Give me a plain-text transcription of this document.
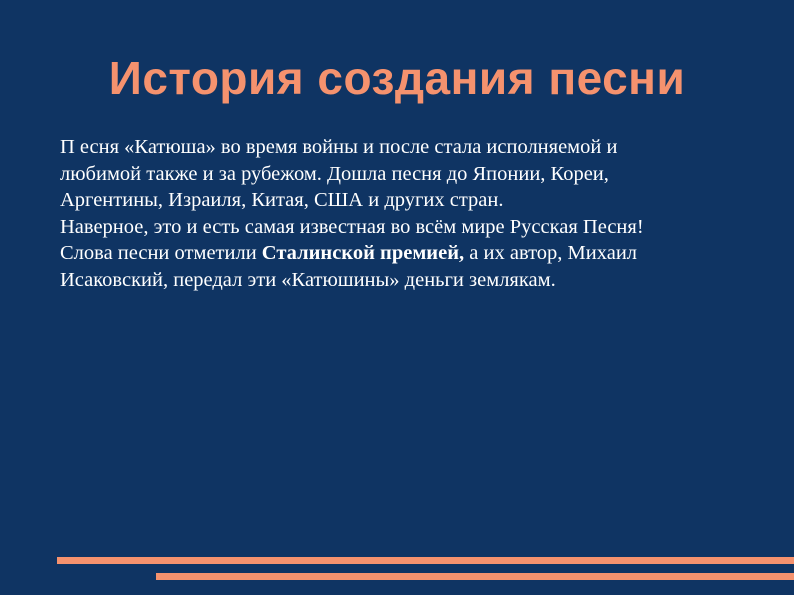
История создания песни
П есня «Катюша» во время войны и после стала исполняемой и
любимой также и за рубежом. Дошла песня до Японии, Кореи,
Аргентины, Израиля, Китая, США и других стран.
Наверное, это и есть самая известная во всём мире Русская Песня!
Слова песни отметили Сталинской премией, а их автор, Михаил
Исаковский, передал эти «Катюшины» деньги землякам.
